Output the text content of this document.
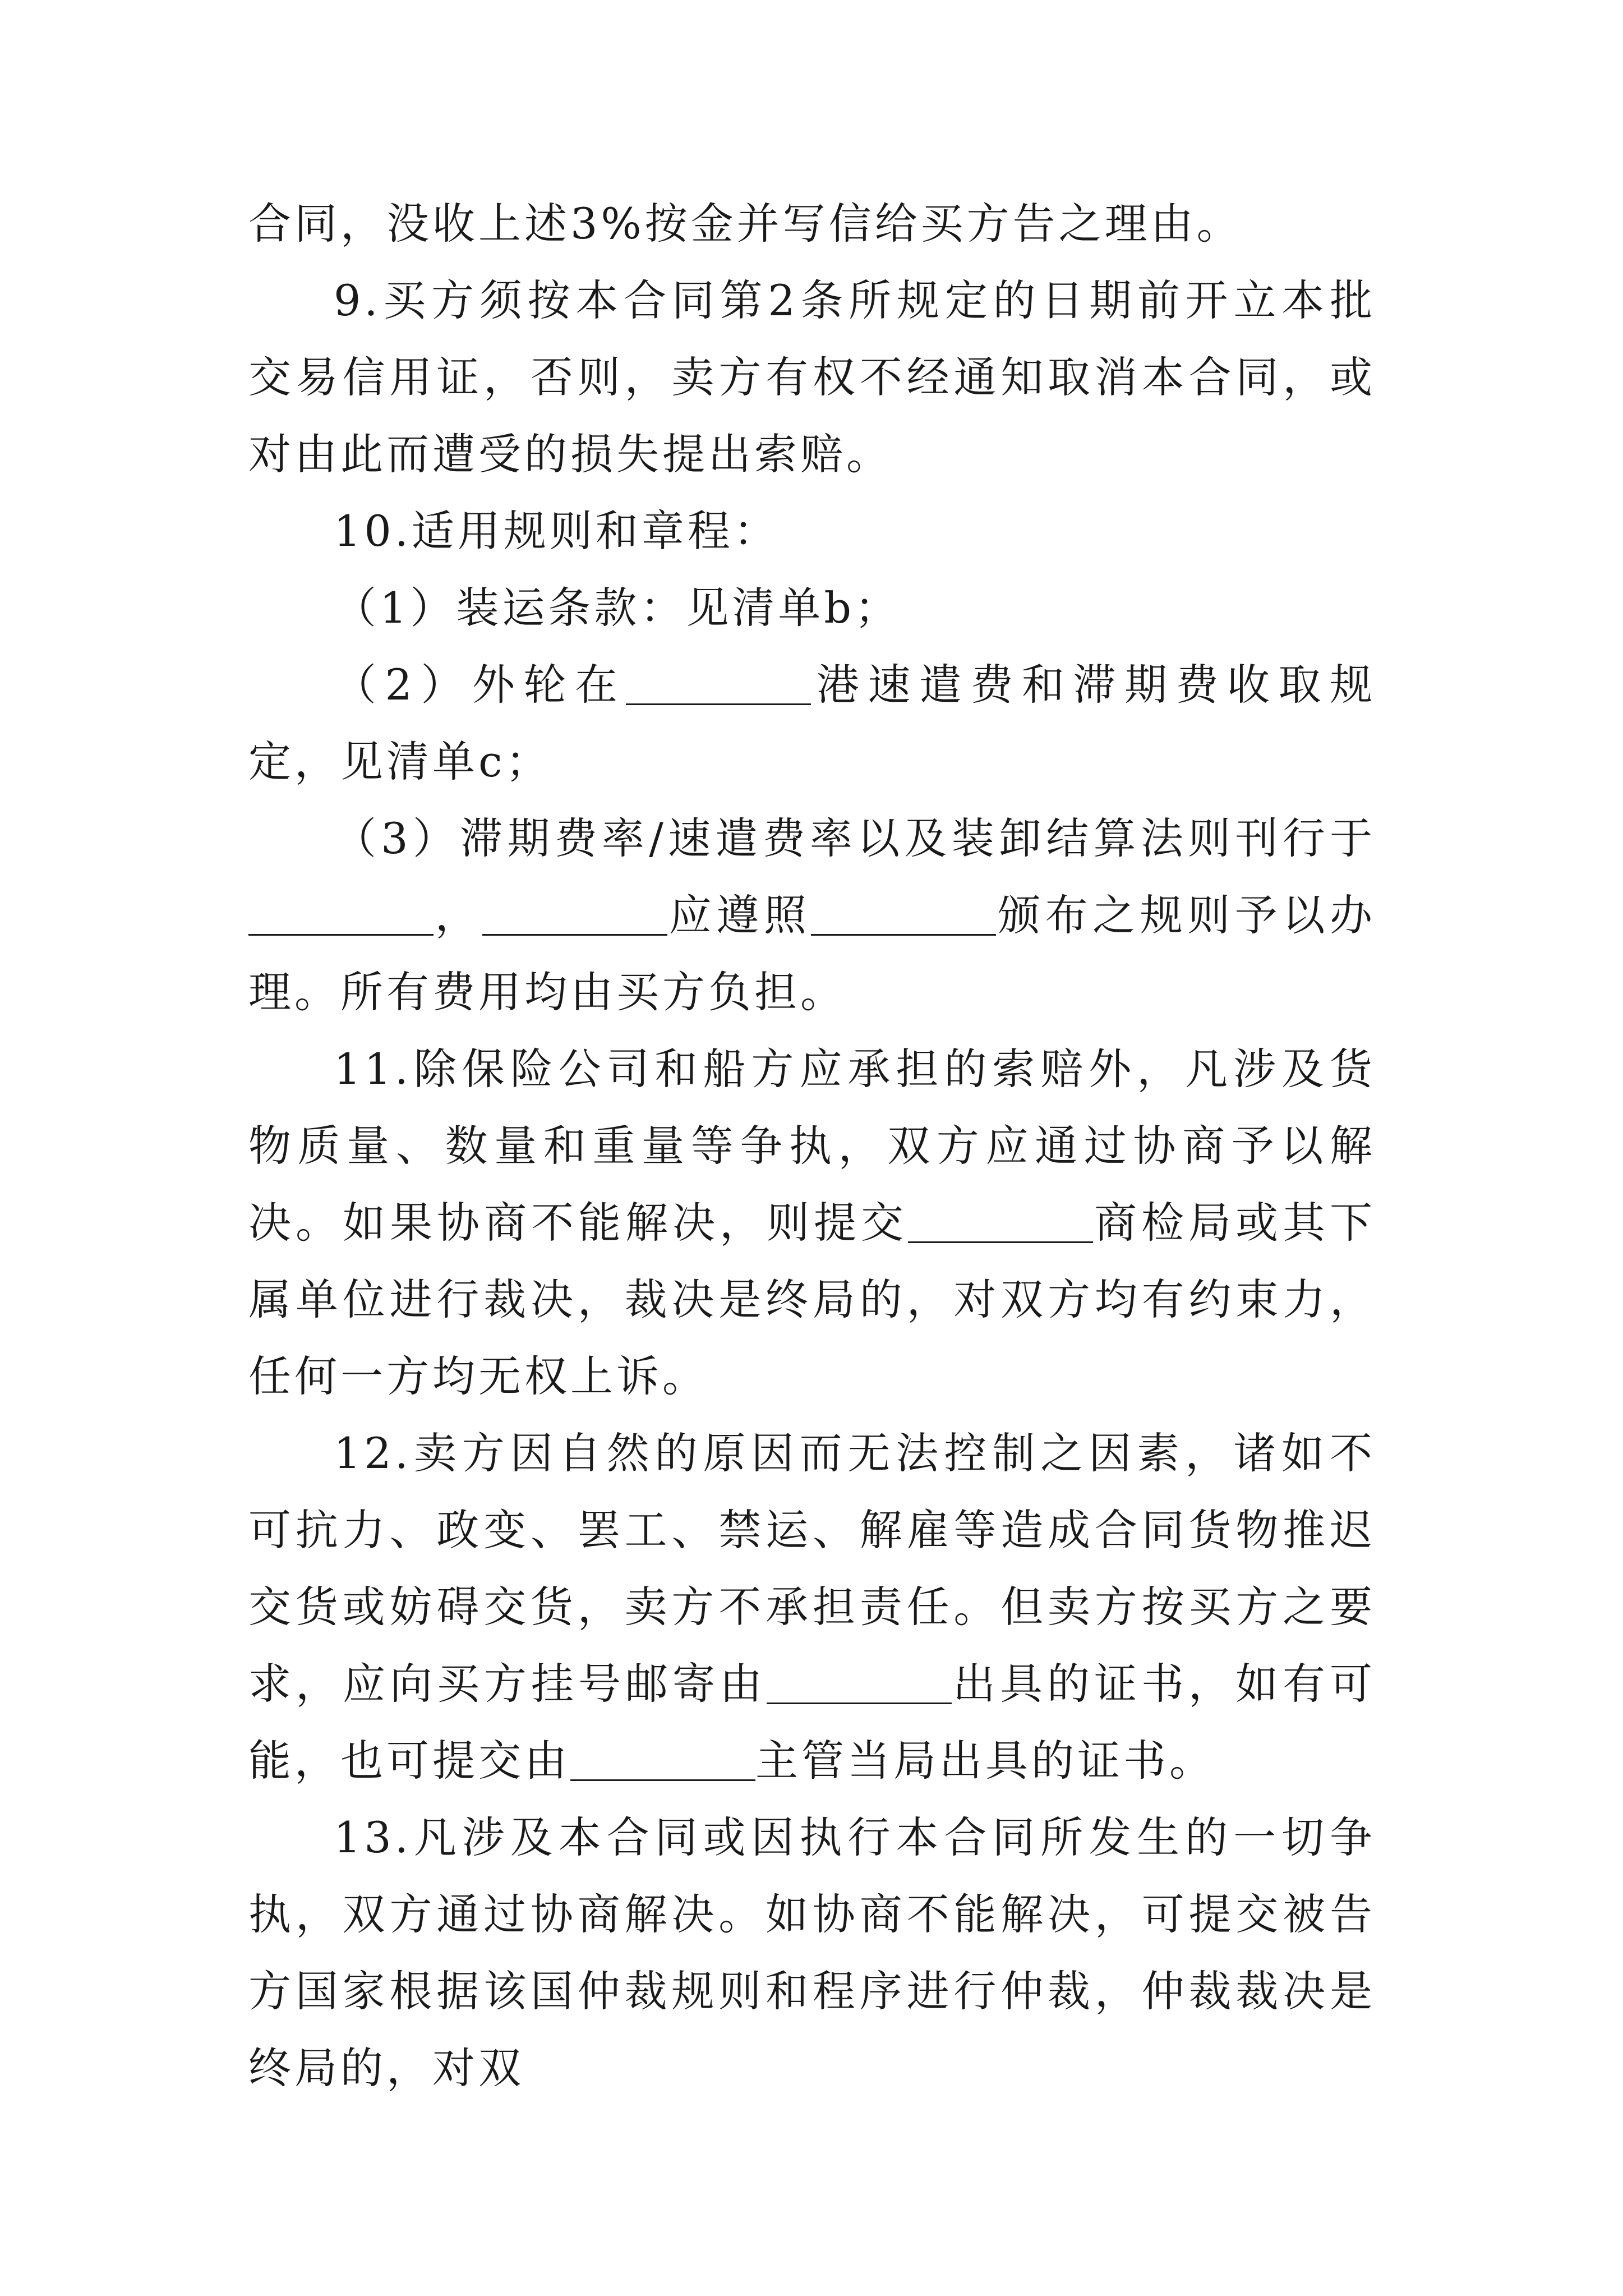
合同，没收上述3%按金并写信给买方告之理由。

9.买方须按本合同第2条所规定的日期前开立本批交易信用证，否则，卖方有权不经通知取消本合同，或对由此而遭受的损失提出索赔。

10.适用规则和章程：

（1）装运条款：见清单b；

（2）外轮在	港速遣费和滞期费收取规定，见清单c；

（3）滞期费率/速遣费率以及装卸结算法则刊行于，	应遵照	颁布之规则予以办理。所有费用均由买方负担。

11.除保险公司和船方应承担的索赔外，凡涉及货物质量、数量和重量等争执，双方应通过协商予以解决。如果协商不能解决，则提交	商检局或其下属单位进行裁决，裁决是终局的，对双方均有约束力，任何一方均无权上诉。

12.卖方因自然的原因而无法控制之因素，诸如不可抗力、政变、罢工、禁运、解雇等造成合同货物推迟交货或妨碍交货，卖方不承担责任。但卖方按买方之要求，应向买方挂号邮寄由	出具的证书，如有可能，也可提交由	主管当局出具的证书。

13.凡涉及本合同或因执行本合同所发生的一切争执，双方通过协商解决。如协商不能解决，可提交被告方国家根据该国仲裁规则和程序进行仲裁，仲裁裁决是终局的，对双
